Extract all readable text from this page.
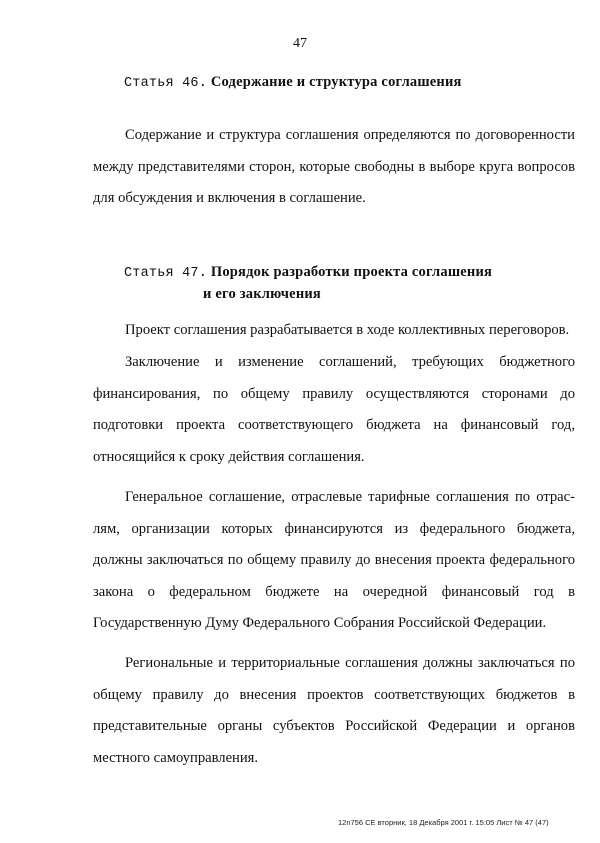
47
Статья 46. Содержание и структура соглашения
Содержание и структура соглашения определяются по договоренности между представителями сторон, которые свободны в выборе круга вопросов для обсуждения и включения в соглашение.
Статья 47. Порядок разработки проекта соглашения
и его заключения
Проект соглашения разрабатывается в ходе коллективных переговоров.
Заключение и изменение соглашений, требующих бюджетного финансирования, по общему правилу осуществляются сторонами до подготовки проекта соответствующего бюджета на финансовый год, относящийся к сроку действия соглашения.
Генеральное соглашение, отраслевые тарифные соглашения по отраслям, организации которых финансируются из федерального бюджета, должны заключаться по общему правилу до внесения проекта федерального закона о федеральном бюджете на очередной финансовый год в Государственную Думу Федерального Собрания Российской Федерации.
Региональные и территориальные соглашения должны заключаться по общему правилу до внесения проектов соответствующих бюджетов в представительные органы субъектов Российской Федерации и органов местного самоуправления.
12n756 СЕ вторник, 18 Декабря 2001 г. 15:05 Лист № 47 (47)
